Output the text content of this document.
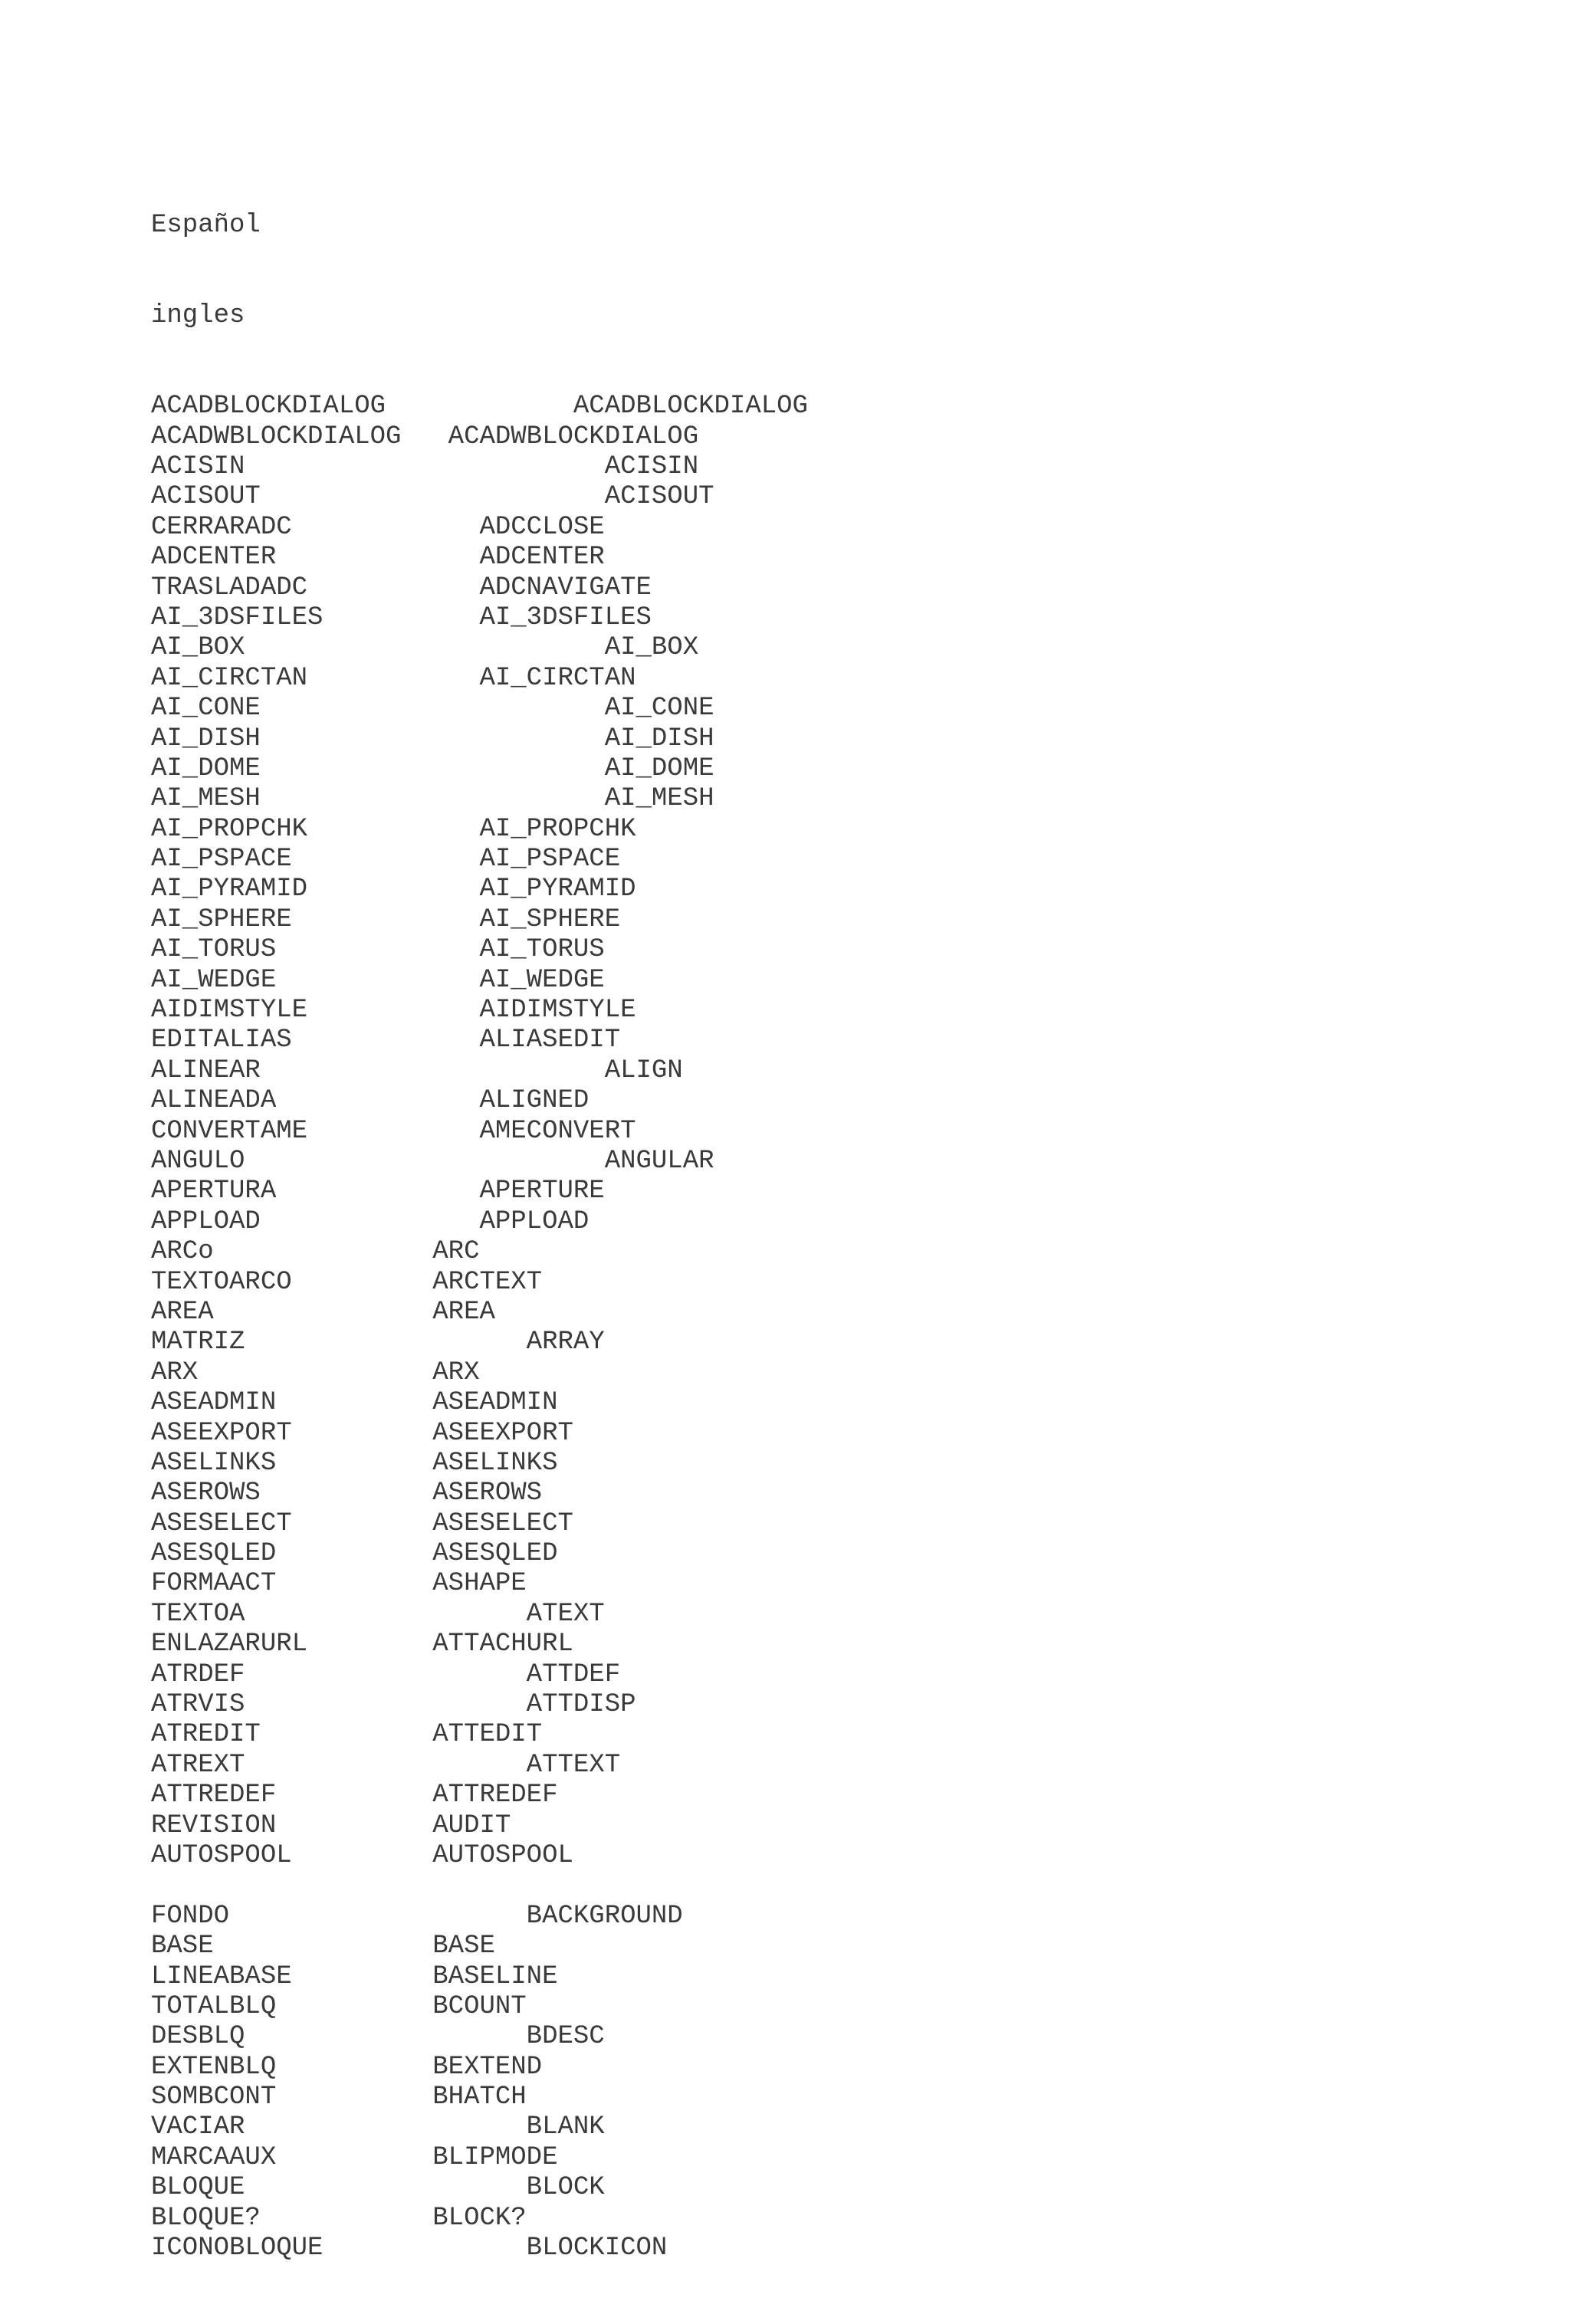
Español

ingles

ACADBLOCKDIALOG            ACADBLOCKDIALOG
ACADWBLOCKDIALOG   ACADWBLOCKDIALOG
ACISIN                       ACISIN
ACISOUT                      ACISOUT
CERRARADC            ADCCLOSE
ADCENTER             ADCENTER
TRASLADADC           ADCNAVIGATE
AI_3DSFILES          AI_3DSFILES
AI_BOX                       AI_BOX
AI_CIRCTAN           AI_CIRCTAN
AI_CONE                      AI_CONE
AI_DISH                      AI_DISH
AI_DOME                      AI_DOME
AI_MESH                      AI_MESH
AI_PROPCHK           AI_PROPCHK
AI_PSPACE            AI_PSPACE
AI_PYRAMID           AI_PYRAMID
AI_SPHERE            AI_SPHERE
AI_TORUS             AI_TORUS
AI_WEDGE             AI_WEDGE
AIDIMSTYLE           AIDIMSTYLE
EDITALIAS            ALIASEDIT
ALINEAR                      ALIGN
ALINEADA             ALIGNED
CONVERTAME           AMECONVERT
ANGULO                       ANGULAR
APERTURA             APERTURE
APPLOAD              APPLOAD
ARCo              ARC
TEXTOARCO         ARCTEXT
AREA              AREA
MATRIZ                  ARRAY
ARX               ARX
ASEADMIN          ASEADMIN
ASEEXPORT         ASEEXPORT
ASELINKS          ASELINKS
ASEROWS           ASEROWS
ASESELECT         ASESELECT
ASESQLED          ASESQLED
FORMAACT          ASHAPE
TEXTOA                  ATEXT
ENLAZARURL        ATTACHURL
ATRDEF                  ATTDEF
ATRVIS                  ATTDISP
ATREDIT           ATTEDIT
ATREXT                  ATTEXT
ATTREDEF          ATTREDEF
REVISION          AUDIT
AUTOSPOOL         AUTOSPOOL
FONDO                   BACKGROUND
BASE              BASE
LINEABASE         BASELINE
TOTALBLQ          BCOUNT
DESBLQ                  BDESC
EXTENBLQ          BEXTEND
SOMBCONT          BHATCH
VACIAR                  BLANK
MARCAAUX          BLIPMODE
BLOQUE                  BLOCK
BLOQUE?           BLOCK?
ICONOBLOQUE             BLOCKICON
